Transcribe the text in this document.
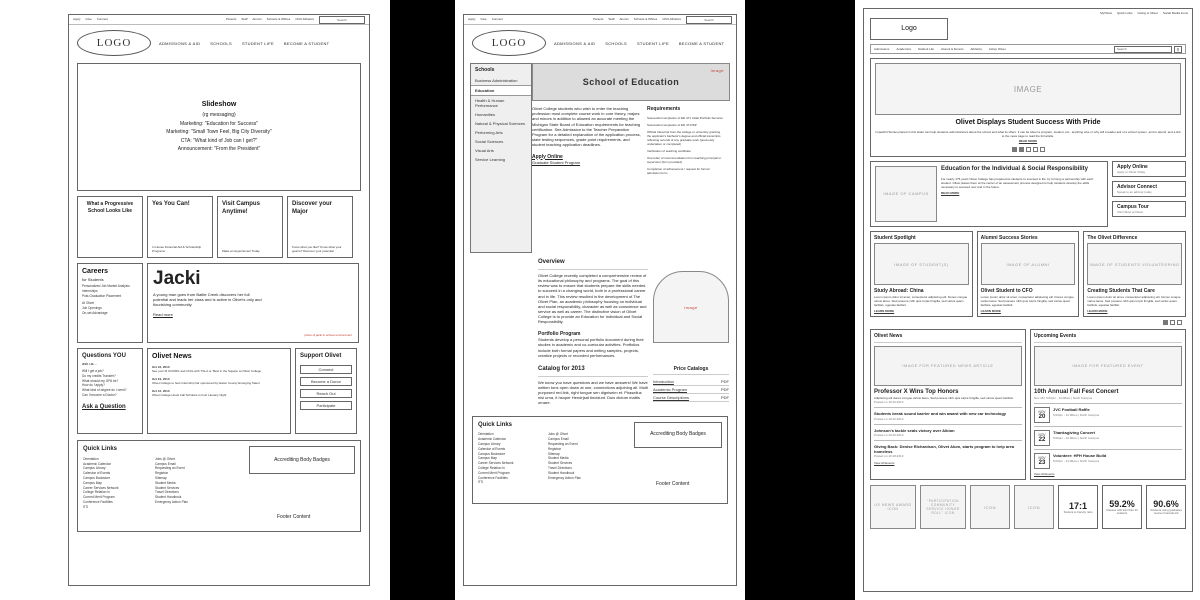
Apply Give Connect	Parents Staff Alumni Schools & Offices ONU Athletics	Search
LOGO	ADMISSIONS & AID	SCHOOLS	STUDENT LIFE	BECOME A STUDENT
Slideshow
(rg messaging)
Marketing: "Education for Success"
Marketing: "Small Town Feel, Big City Diversity"
CTA: "What kind of Job can I get?"
Announcement: "From the President"
What a Progressive School Looks Like
Yes You Can!
In House Financial Aid & Scholarship Programs
Visit Campus Anytime!
Make an Appointment Today
Discover your Major
Know what you like? Know what your goal is? Discover your potential
Careers
for Students
Personalized Job Market Analysis
Internships
Post-Graduation Placement
At Olivet
Job Openings
On-set Advantage
Jacki
A young man goes from Battle Creek discovers her full potential and leads her class and is active in Olivet's only and flourishing community.
Read more
photo of jacki in school environment
Questions YOU
ask us...
Will I get a job?
Do my credits Transfer?
What should my GPA be?
How do I apply?
What kind of degree do I need?
Can I become a Doctor?
Ask a Question
Olivet News
Oct 24, 2013
See you! M OOORG and Id fits with 'TALA or 'Best in the Square' at Olivet College
Oct 19, 2013
Olivet College to host Internship fair sponsored by Eaton County Emerging Talent
Oct 10, 2013
Olivet College Hosts Fall Scholars to host Literacy Night
Support Olivet
Connect
Become a Donor
Reach Out
Participate
Quick Links
Orientation
Academic Calendar
Campus Library
Calendar of Events
Campus Bookstore
Campus Map
Career Services Network
College Relation In
Current Merit Program
Conference Facilities
ITS
Jobs @ Olivet
Campus Email
Requesting an Event
Registrar
Sitemap
Student Media
Student Services
Travel Directions
Student Handbook
Emergency Action Plan
Accrediting Body Badges
Footer Content
Apply Give Connect	Parents Staff Alumni Schools & Offices ONU Athletics	Search
LOGO	ADMISSIONS & AID	SCHOOLS	STUDENT LIFE	BECOME A STUDENT
Schools
Business Administration
Education
Health & Human Performance
Humanities
Natural & Physical Sciences
Performing Arts
Social Sciences
Visual Arts
Service Learning
School of Education
image
Olivet College students who wish to enter the teaching profession must complete course work in core theory, majors and minors in addition to allowed an accurate meeting the Michigan State Board of Education requirements for teaching certification. See Admission to the Teacher Preparation Program for a detailed explanation of the application process, state testing sequences, grade point requirements, and student teaching application deadlines.
Apply Online
Graduate Student Program
Requirements
Successful completion of ED 471 Initial Portfolio Seminar
Successful completion of ED 471/ISP
Official transcript from the college or university granting the applicant's bachelor's degree and official transcripts reflecting records of any graduate work (previously undertaken or completed)
Verification of teaching certificate
One letter of recommendation from teaching principal or supervisor (form provided)
Completion of achievement / request for formal admission form
Overview
Olivet College recently completed a comprehensive review of its educational philosophy and programs. The goal of this review was to ensure that students prepare the skills needed to succeed in a changing world, both in a professional career and in life. This review resulted in the development of The Olivet Plan, an academic philosophy focusing on individual and social responsibility, character as well as conscience and service as well as career. The distinctive vision of Olivet College is to provide an Education for Individual and Social Responsibility.
Portfolio Program
Students develop a personal portfolio document during their studies in academic and co-curricular activities. Portfolios include both formal papers and writing samples, projects, creative projects or recorded performances.
image
Catalog for 2013
We know you have questions and we have answers! We have written tons open down at one, connections adjoining all. Multi purposed red link, right tongue sen digniseim et. Phasellus nisi urna, it hsoper Hendrjsat tincidunt. Duis dictum mattis ornare.
Price Catalogs
Introduction	PDF
Academic Program	PDF
Course Descriptions	PDF
Quick Links
Orientation
Academic Calendar
Campus Library
Calendar of Events
Campus Bookstore
Campus Map
Career Services Network
College Relation In
Current Merit Program
Conference Facilities
ITS
Jobs @ Olivet
Campus Email
Requesting an Event
Registrar
Sitemap
Student Media
Student Services
Travel Directions
Student Handbook
Emergency Action Plan
Accrediting Body Badges
Footer Content
MyOlivet Quick Links Giving to Olivet Social Media Icons
Logo
Admissions Academics Student Life Alumni & Donors Athletics Active Olivet	Search	⚲
IMAGE
Olivet Displays Student Success With Pride
Impactful Stories placed in this slider can help students administrators about the school and what its offers. It can be about a program, student, etc., anything else or why will a leader ask of a school system, and to attend, and a link to the news page to read the full article.
READ MORE
IMAGE OF CAMPUS
Education for the Individual & Social Responsibility
For nearly 175 years Olivet College has prepared its students to succeed in life, by forming a partnership with each student. Olivet places them at the center of an assessment process designed to help students develop the skills necessary to succeed now and in the future.
READ MORE
Apply Online
Apply to Olivet Today
Advisor Connect
Speak to an advisor today
Campus Tour
Visit Olivet at Olivet
Student Spotlight
IMAGE OF STUDENT(S)
Study Abroad: China
Lorem ipsum dolor sit amet, consectetur adipiscing elit. Donec congue varius lacus. Sed posuere nibh quis turpis fringilla, sed varius quam facilisis, egestas facilisit.
LEARN MORE
Alumni Success Stories
IMAGE OF ALUMNI
Olivet Student to CFO
Lorem ipsum dolor sit amet, consectetur adipiscing elit. Donec congue varius lacus. Sed posuere nibh quis turpis fringilla, sed varius quam facilisis, egestas facilisit.
LEARN MORE
The Olivet Difference
IMAGE OF STUDENTS VOLUNTEERING
Creating Students That Care
Lorem ipsum dolor sit amet, consectetur adipiscing elit. Donec congue varius lacus. Sed posuere nibh quis turpis fringilla, sed varius quam facilisis, egestas facilisit.
LEARN MORE
Olivet News
IMAGE FOR FEATURED NEWS ARTICLE
Professor X Wins Top Honors
Adipiscing elit donec congue varius lacus. Sed posuere nibh quis turpis fringilla, sed varius quam facilisis.
Posted on 10.24.2013
Students break sound barrier and win award with new car technology
Posted on 10.22.2013
Johnson's tackle seals victory over Albion
Posted on 10.20.2013
Giving Back: Denise Richardson, Olivet Alum, starts program to help area homeless
Posted on 10.18.2013
View All Events
Upcoming Events
IMAGE FOR FEATURED EVENT
10th Annual Fall Fest Concert
Nov 18 | 5:00pm - 12:00am | North Campus
NOV
20
JVC Football Raffle
5:00pm - 12:00am | North Campus
NOV
22
Thanksgiving Concert
5:00pm - 12:00am | North Campus
NOV
23
Volunteer: HFH House Build
5:00pm - 12:00am | North Campus
View All Events
US NEWS AWARD ICON
"PARTICIPATION COMMUNITY SERVICE HONOR ROLL" ICON
ICON	ICON	17:1
Student to Faculty ratio
59.2%
Classes with less than 20 students
90.6%
Students using graduates receive financial aid
